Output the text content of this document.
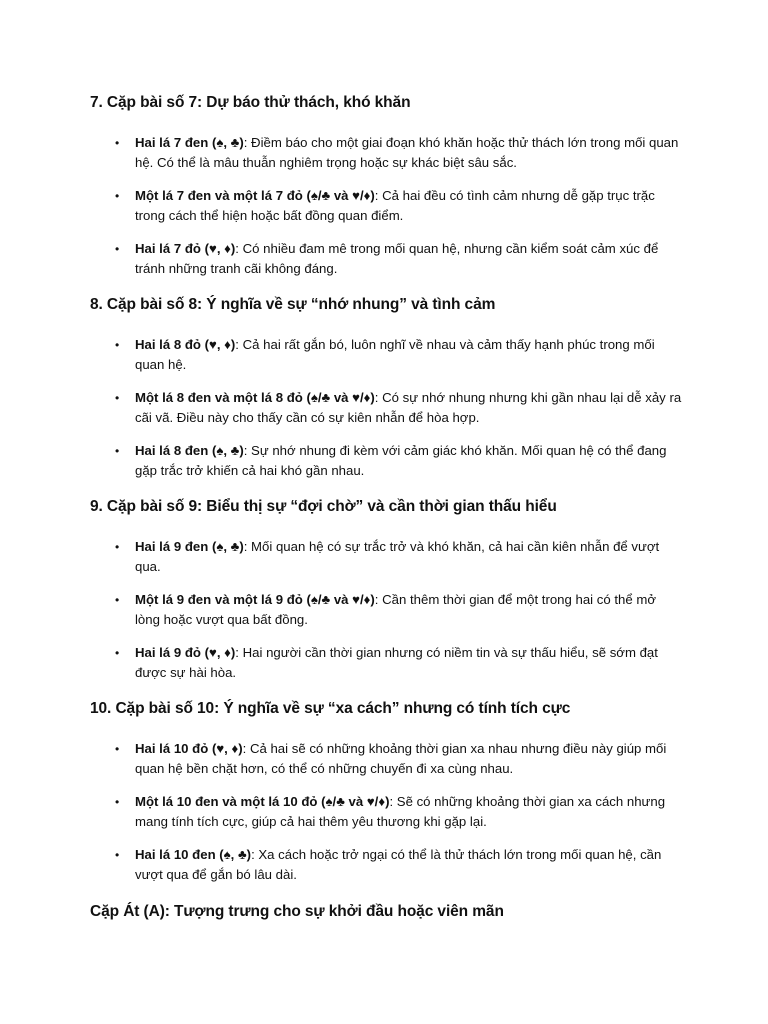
7. Cặp bài số 7: Dự báo thử thách, khó khăn
• Hai lá 7 đen (♠, ♣): Điềm báo cho một giai đoạn khó khăn hoặc thử thách lớn trong mối quan hệ. Có thể là mâu thuẫn nghiêm trọng hoặc sự khác biệt sâu sắc.
• Một lá 7 đen và một lá 7 đỏ (♠/♣ và ♥/♦): Cả hai đều có tình cảm nhưng dễ gặp trục trặc trong cách thể hiện hoặc bất đồng quan điểm.
• Hai lá 7 đỏ (♥, ♦): Có nhiều đam mê trong mối quan hệ, nhưng cần kiểm soát cảm xúc để tránh những tranh cãi không đáng.
8. Cặp bài số 8: Ý nghĩa về sự “nhớ nhung” và tình cảm
• Hai lá 8 đỏ (♥, ♦): Cả hai rất gắn bó, luôn nghĩ về nhau và cảm thấy hạnh phúc trong mối quan hệ.
• Một lá 8 đen và một lá 8 đỏ (♠/♣ và ♥/♦): Có sự nhớ nhung nhưng khi gần nhau lại dễ xảy ra cãi vã. Điều này cho thấy cần có sự kiên nhẫn để hòa hợp.
• Hai lá 8 đen (♠, ♣): Sự nhớ nhung đi kèm với cảm giác khó khăn. Mối quan hệ có thể đang gặp trắc trở khiến cả hai khó gần nhau.
9. Cặp bài số 9: Biểu thị sự “đợi chờ” và cần thời gian thấu hiểu
• Hai lá 9 đen (♠, ♣): Mối quan hệ có sự trắc trở và khó khăn, cả hai cần kiên nhẫn để vượt qua.
• Một lá 9 đen và một lá 9 đỏ (♠/♣ và ♥/♦): Cần thêm thời gian để một trong hai có thể mở lòng hoặc vượt qua bất đồng.
• Hai lá 9 đỏ (♥, ♦): Hai người cần thời gian nhưng có niềm tin và sự thấu hiểu, sẽ sớm đạt được sự hài hòa.
10. Cặp bài số 10: Ý nghĩa về sự “xa cách” nhưng có tính tích cực
• Hai lá 10 đỏ (♥, ♦): Cả hai sẽ có những khoảng thời gian xa nhau nhưng điều này giúp mối quan hệ bền chặt hơn, có thể có những chuyến đi xa cùng nhau.
• Một lá 10 đen và một lá 10 đỏ (♠/♣ và ♥/♦): Sẽ có những khoảng thời gian xa cách nhưng mang tính tích cực, giúp cả hai thêm yêu thương khi gặp lại.
• Hai lá 10 đen (♠, ♣): Xa cách hoặc trở ngại có thể là thử thách lớn trong mối quan hệ, cần vượt qua để gắn bó lâu dài.
Cặp Át (A): Tượng trưng cho sự khởi đầu hoặc viên mãn
